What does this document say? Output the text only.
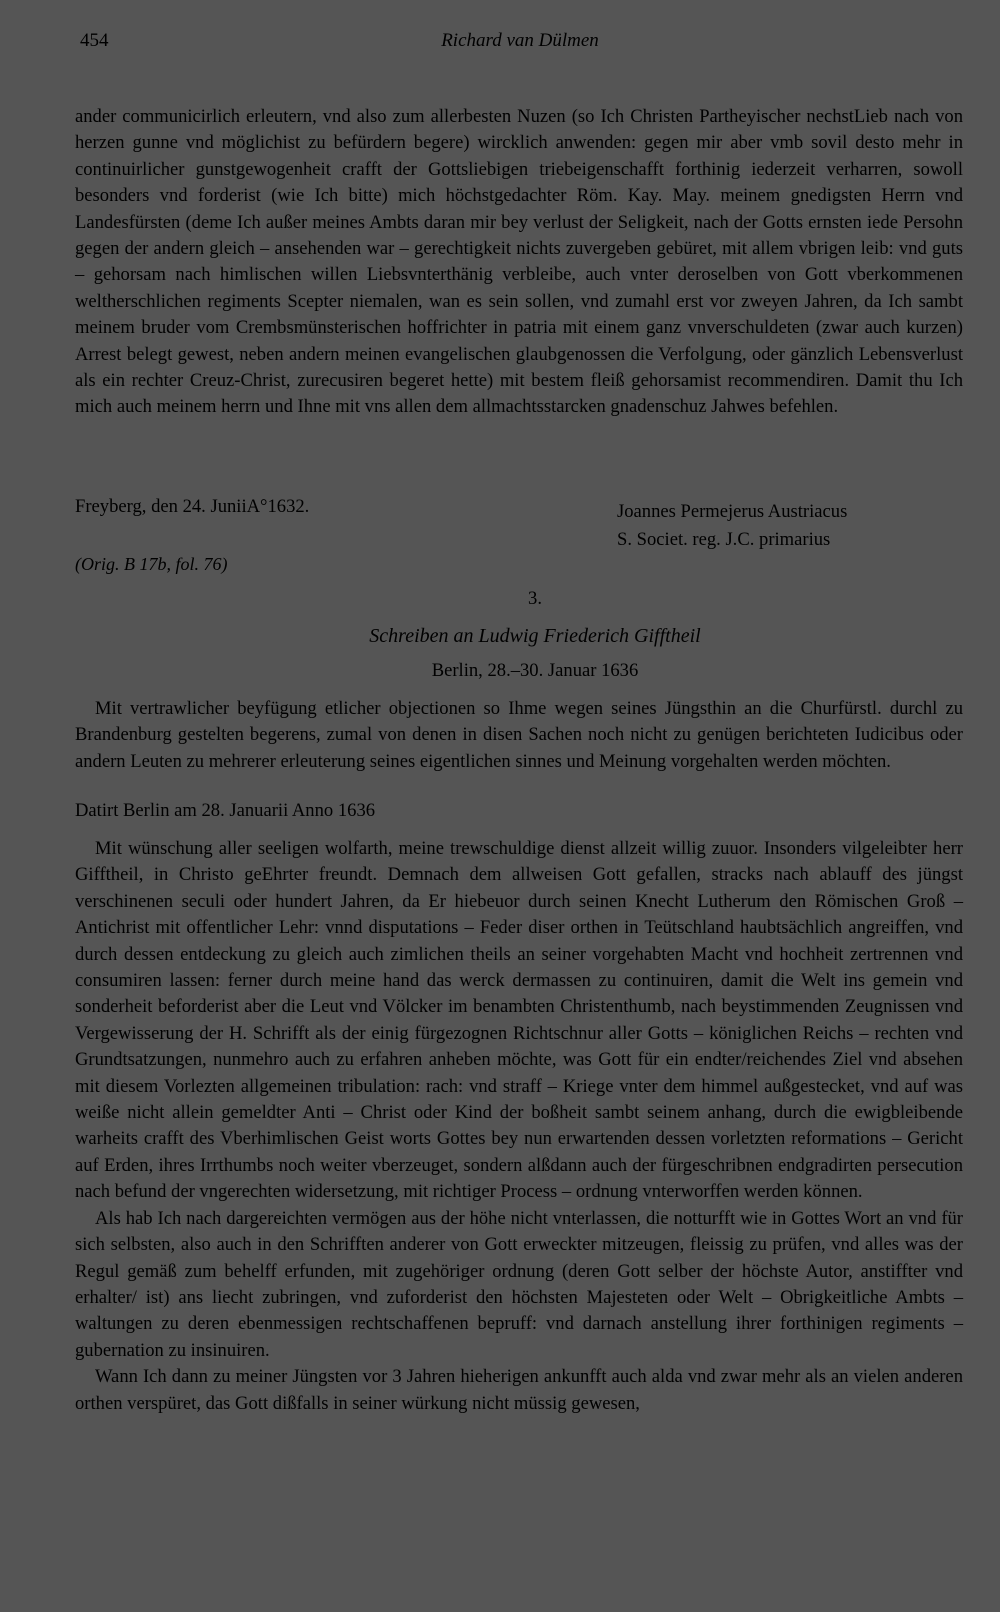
454	Richard van Dülmen

ander communicirlich erleutern, vnd also zum allerbesten Nuzen (so Ich Christen Partheyischer nechstLieb nach von herzen gunne vnd möglichist zu befürdern begere) wircklich anwenden: gegen mir aber vmb sovil desto mehr in continuirlicher gunstgewogenheit crafft der Gottsliebigen triebeigenschafft forthinig iederzeit verharren, sowoll besonders vnd forderist (wie Ich bitte) mich höchstgedachter Röm. Kay. May. meinem gnedigsten Herrn vnd Landesfürsten (deme Ich außer meines Ambts daran mir bey verlust der Seligkeit, nach der Gotts ernsten iede Persohn gegen der andern gleich – ansehenden war – gerechtigkeit nichts zuvergeben gebüret, mit allem vbrigen leib: vnd guts – gehorsam nach himlischen willen Liebsvnterthänig verbleibe, auch vnter deroselben von Gott vberkommenen weltherschlichen regiments Scepter niemalen, wan es sein sollen, vnd zumahl erst vor zweyen Jahren, da Ich sambt meinem bruder vom Crembsmünsterischen hoffrichter in patria mit einem ganz vnverschuldeten (zwar auch kurzen) Arrest belegt gewest, neben andern meinen evangelischen glaubgenossen die Verfolgung, oder gänzlich Lebensverlust als ein rechter Creuz-Christ, zurecusiren begeret hette) mit bestem fleiß gehorsamist recommendiren. Damit thu Ich mich auch meinem herrn und Ihne mit vns allen dem allmachtsstarcken gnadenschuz Jahwes befehlen.

Freyberg, den 24. JuniiA°1632.	Joannes Permejerus Austriacus
S. Societ. reg. J.C. primarius
(Orig. B 17b, fol. 76)
3.
Schreiben an Ludwig Friederich Gifftheil
Berlin, 28.–30. Januar 1636

Mit vertrawlicher beyfügung etlicher objectionen so Ihme wegen seines Jüngsthin an die Churfürstl. durchl zu Brandenburg gestelten begerens, zumal von denen in disen Sachen noch nicht zu genügen berichteten Iudicibus oder andern Leuten zu mehrerer erleuterung seines eigentlichen sinnes und Meinung vorgehalten werden möchten.

Datirt Berlin am 28. Januarii Anno 1636

Mit wünschung aller seeligen wolfarth, meine trewschuldige dienst allzeit willig zuuor. Insonders vilgeleibter herr Gifftheil, in Christo geEhrter freundt. Demnach dem allweisen Gott gefallen, stracks nach ablauff des jüngst verschinenen seculi oder hundert Jahren, da Er hiebeuor durch seinen Knecht Lutherum den Römischen Groß – Antichrist mit offentlicher Lehr: vnnd disputations – Feder diser orthen in Teütschland haubtsächlich angreiffen, vnd durch dessen entdeckung zu gleich auch zimlichen theils an seiner vorgehabten Macht vnd hochheit zertrennen vnd consumiren lassen: ferner durch meine hand das werck dermassen zu continuiren, damit die Welt ins gemein vnd sonderheit beforderist aber die Leut vnd Völcker im benambten Christenthumb, nach beystimmenden Zeugnissen vnd Vergewisserung der H. Schrifft als der einig fürgezognen Richtschnur aller Gotts – königlichen Reichs – rechten vnd Grundtsatzungen, nunmehro auch zu erfahren anheben möchte, was Gott für ein endter/reichendes Ziel vnd absehen mit diesem Vorlezten allgemeinen tribulation: rach: vnd straff – Kriege vnter dem himmel außgestecket, vnd auf was weiße nicht allein gemeldter Anti – Christ oder Kind der boßheit sambt seinem anhang, durch die ewigbleibende warheits crafft des Vberhimlischen Geist worts Gottes bey nun erwartenden dessen vorletzten reformations – Gericht auf Erden, ihres Irrthumbs noch weiter vberzeuget, sondern alßdann auch der fürgeschribnen endgradirten persecution nach befund der vngerechten widersetzung, mit richtiger Process – ordnung vnterworffen werden können.

Als hab Ich nach dargereichten vermögen aus der höhe nicht vnterlassen, die notturfft wie in Gottes Wort an vnd für sich selbsten, also auch in den Schrifften anderer von Gott erweckter mitzeugen, fleissig zu prüfen, vnd alles was der Regul gemäß zum behelff erfunden, mit zugehöriger ordnung (deren Gott selber der höchste Autor, anstiffter vnd erhalter/ ist) ans liecht zubringen, vnd zuforderist den höchsten Majesteten oder Welt – Obrigkeitliche Ambts – waltungen zu deren ebenmessigen rechtschaffenen bepruff: vnd darnach anstellung ihrer forthinigen regiments – gubernation zu insinuiren.

Wann Ich dann zu meiner Jüngsten vor 3 Jahren hieherigen ankunfft auch alda vnd zwar mehr als an vielen anderen orthen verspüret, das Gott dißfalls in seiner würkung nicht müssig gewesen,
